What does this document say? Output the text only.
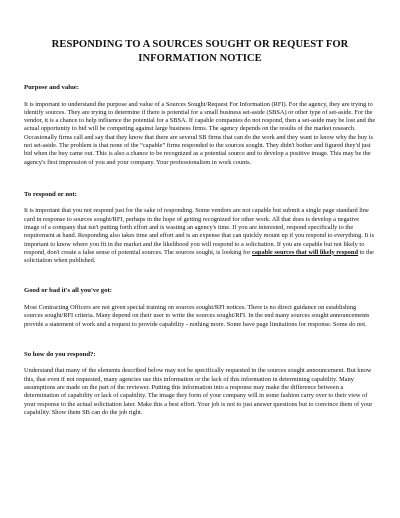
RESPONDING TO A SOURCES SOUGHT OR REQUEST FOR INFORMATION NOTICE
Purpose and value:

It is important to understand the purpose and value of a Sources Sought/Request For Information (RFI). For the agency, they are trying to identify sources. They are trying to determine if there is potential for a small business set-aside (SBSA) or other type of set-aside. For the vendor, it is a chance to help influence the potential for a SBSA. If capable companies do not respond, then a set-aside may be lost and the actual opportunity to bid will be competing against large business firms. The agency depends on the results of the market research. Occasionally firms call and say that they know that there are several SB firms that can do the work and they want to know why the buy is not set-aside. The problem is that none of the “capable” firms responded to the sources sought. They didn't bother and figured they'd just bid when the buy came out. This is also a chance to be recognized as a potential source and to develop a positive image. This may be the agency's first impression of you and your company. Your professionalism in work counts.

To respond or not:

It is important that you not respond just for the sake of responding. Some vendors are not capable but submit a single page standard line card in response to sources sought/RFI, perhaps in the hope of getting recognized for other work. All that does is develop a negative image of a company that isn't putting forth effort and is wasting an agency's time. If you are interested, respond specifically to the requirement at hand. Responding also takes time and effort and is an expense that can quickly mount up if you respond to everything. It is important to know where you fit in the market and the likelihood you will respond to a solicitation. If you are capable but not likely to respond, don't create a false sense of potential sources. The sources sought, is looking for capable sources that will likely respond to the solicitation when published.

Good or bad it's all you've got:

Most Contracting Officers are not given special training on sources sought/RFI notices. There is no direct guidance on establishing sources sought/RFI criteria. Many depend on their user to write the sources sought/RFI. In the end many sources sought announcements provide a statement of work and a request to provide capability - nothing more. Some have page limitations for response. Some do not.

So how do you respond?:

Understand that many of the elements described below may not be specifically requested in the sources sought announcement. But know this, that even if not requested, many agencies use this information or the lack of this information in determining capability. Many assumptions are made on the part of the reviewer. Putting this information into a response may make the difference between a determination of capability or lack of capability. The image they form of your company will in some fashion carry over to their view of your response to the actual solicitation later. Make this a best effort. Your job is not to just answer questions but to convince them of your capability. Show them SB can do the job right.
